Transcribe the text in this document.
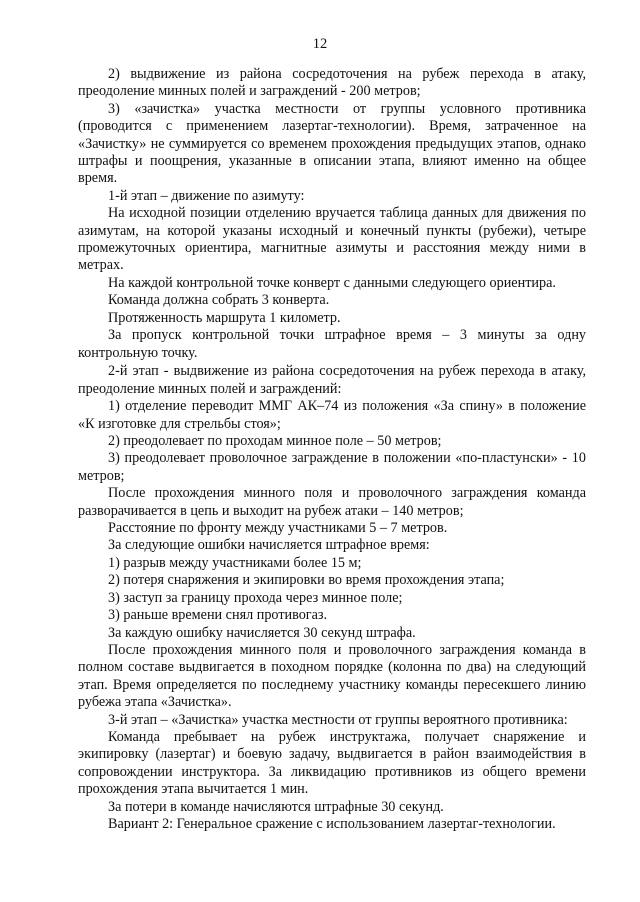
12

2) выдвижение из района сосредоточения на рубеж перехода в атаку, преодоление минных полей и заграждений - 200 метров;

3) «зачистка» участка местности от группы условного противника (проводится с применением лазертаг-технологии). Время, затраченное на «Зачистку» не суммируется со временем прохождения предыдущих этапов, однако штрафы и поощрения, указанные в описании этапа, влияют именно на общее время.

1-й этап – движение по азимуту:

На исходной позиции отделению вручается таблица данных для движения по азимутам, на которой указаны исходный и конечный пункты (рубежи), четыре промежуточных ориентира, магнитные азимуты и расстояния между ними в метрах.

На каждой контрольной точке конверт с данными следующего ориентира.

Команда должна собрать 3 конверта.

Протяженность маршрута 1 километр.

За пропуск контрольной точки штрафное время – 3 минуты за одну контрольную точку.

2-й этап - выдвижение из района сосредоточения на рубеж перехода в атаку, преодоление минных полей и заграждений:

1) отделение переводит ММГ АК–74 из положения «За спину» в положение «К изготовке для стрельбы стоя»;

2) преодолевает по проходам минное поле – 50 метров;

3) преодолевает проволочное заграждение в положении «по-пластунски» - 10 метров;

После прохождения минного поля и проволочного заграждения команда разворачивается в цепь и выходит на рубеж атаки – 140 метров;

Расстояние по фронту между участниками 5 – 7 метров.

За следующие ошибки начисляется штрафное время:

1) разрыв между участниками более 15 м;

2) потеря снаряжения и экипировки во время прохождения этапа;

3) заступ за границу прохода через минное поле;

3) раньше времени снял противогаз.

За каждую ошибку начисляется 30 секунд штрафа.

После прохождения минного поля и проволочного заграждения команда в полном составе выдвигается в походном порядке (колонна по два) на следующий этап. Время определяется по последнему участнику команды пересекшего линию рубежа этапа «Зачистка».

3-й этап – «Зачистка» участка местности от группы вероятного противника:

Команда пребывает на рубеж инструктажа, получает снаряжение и экипировку (лазертаг) и боевую задачу, выдвигается в район взаимодействия в сопровождении инструктора. За ликвидацию противников из общего времени прохождения этапа вычитается 1 мин.

За потери в команде начисляются штрафные 30 секунд.

Вариант 2: Генеральное сражение с использованием лазертаг-технологии.
